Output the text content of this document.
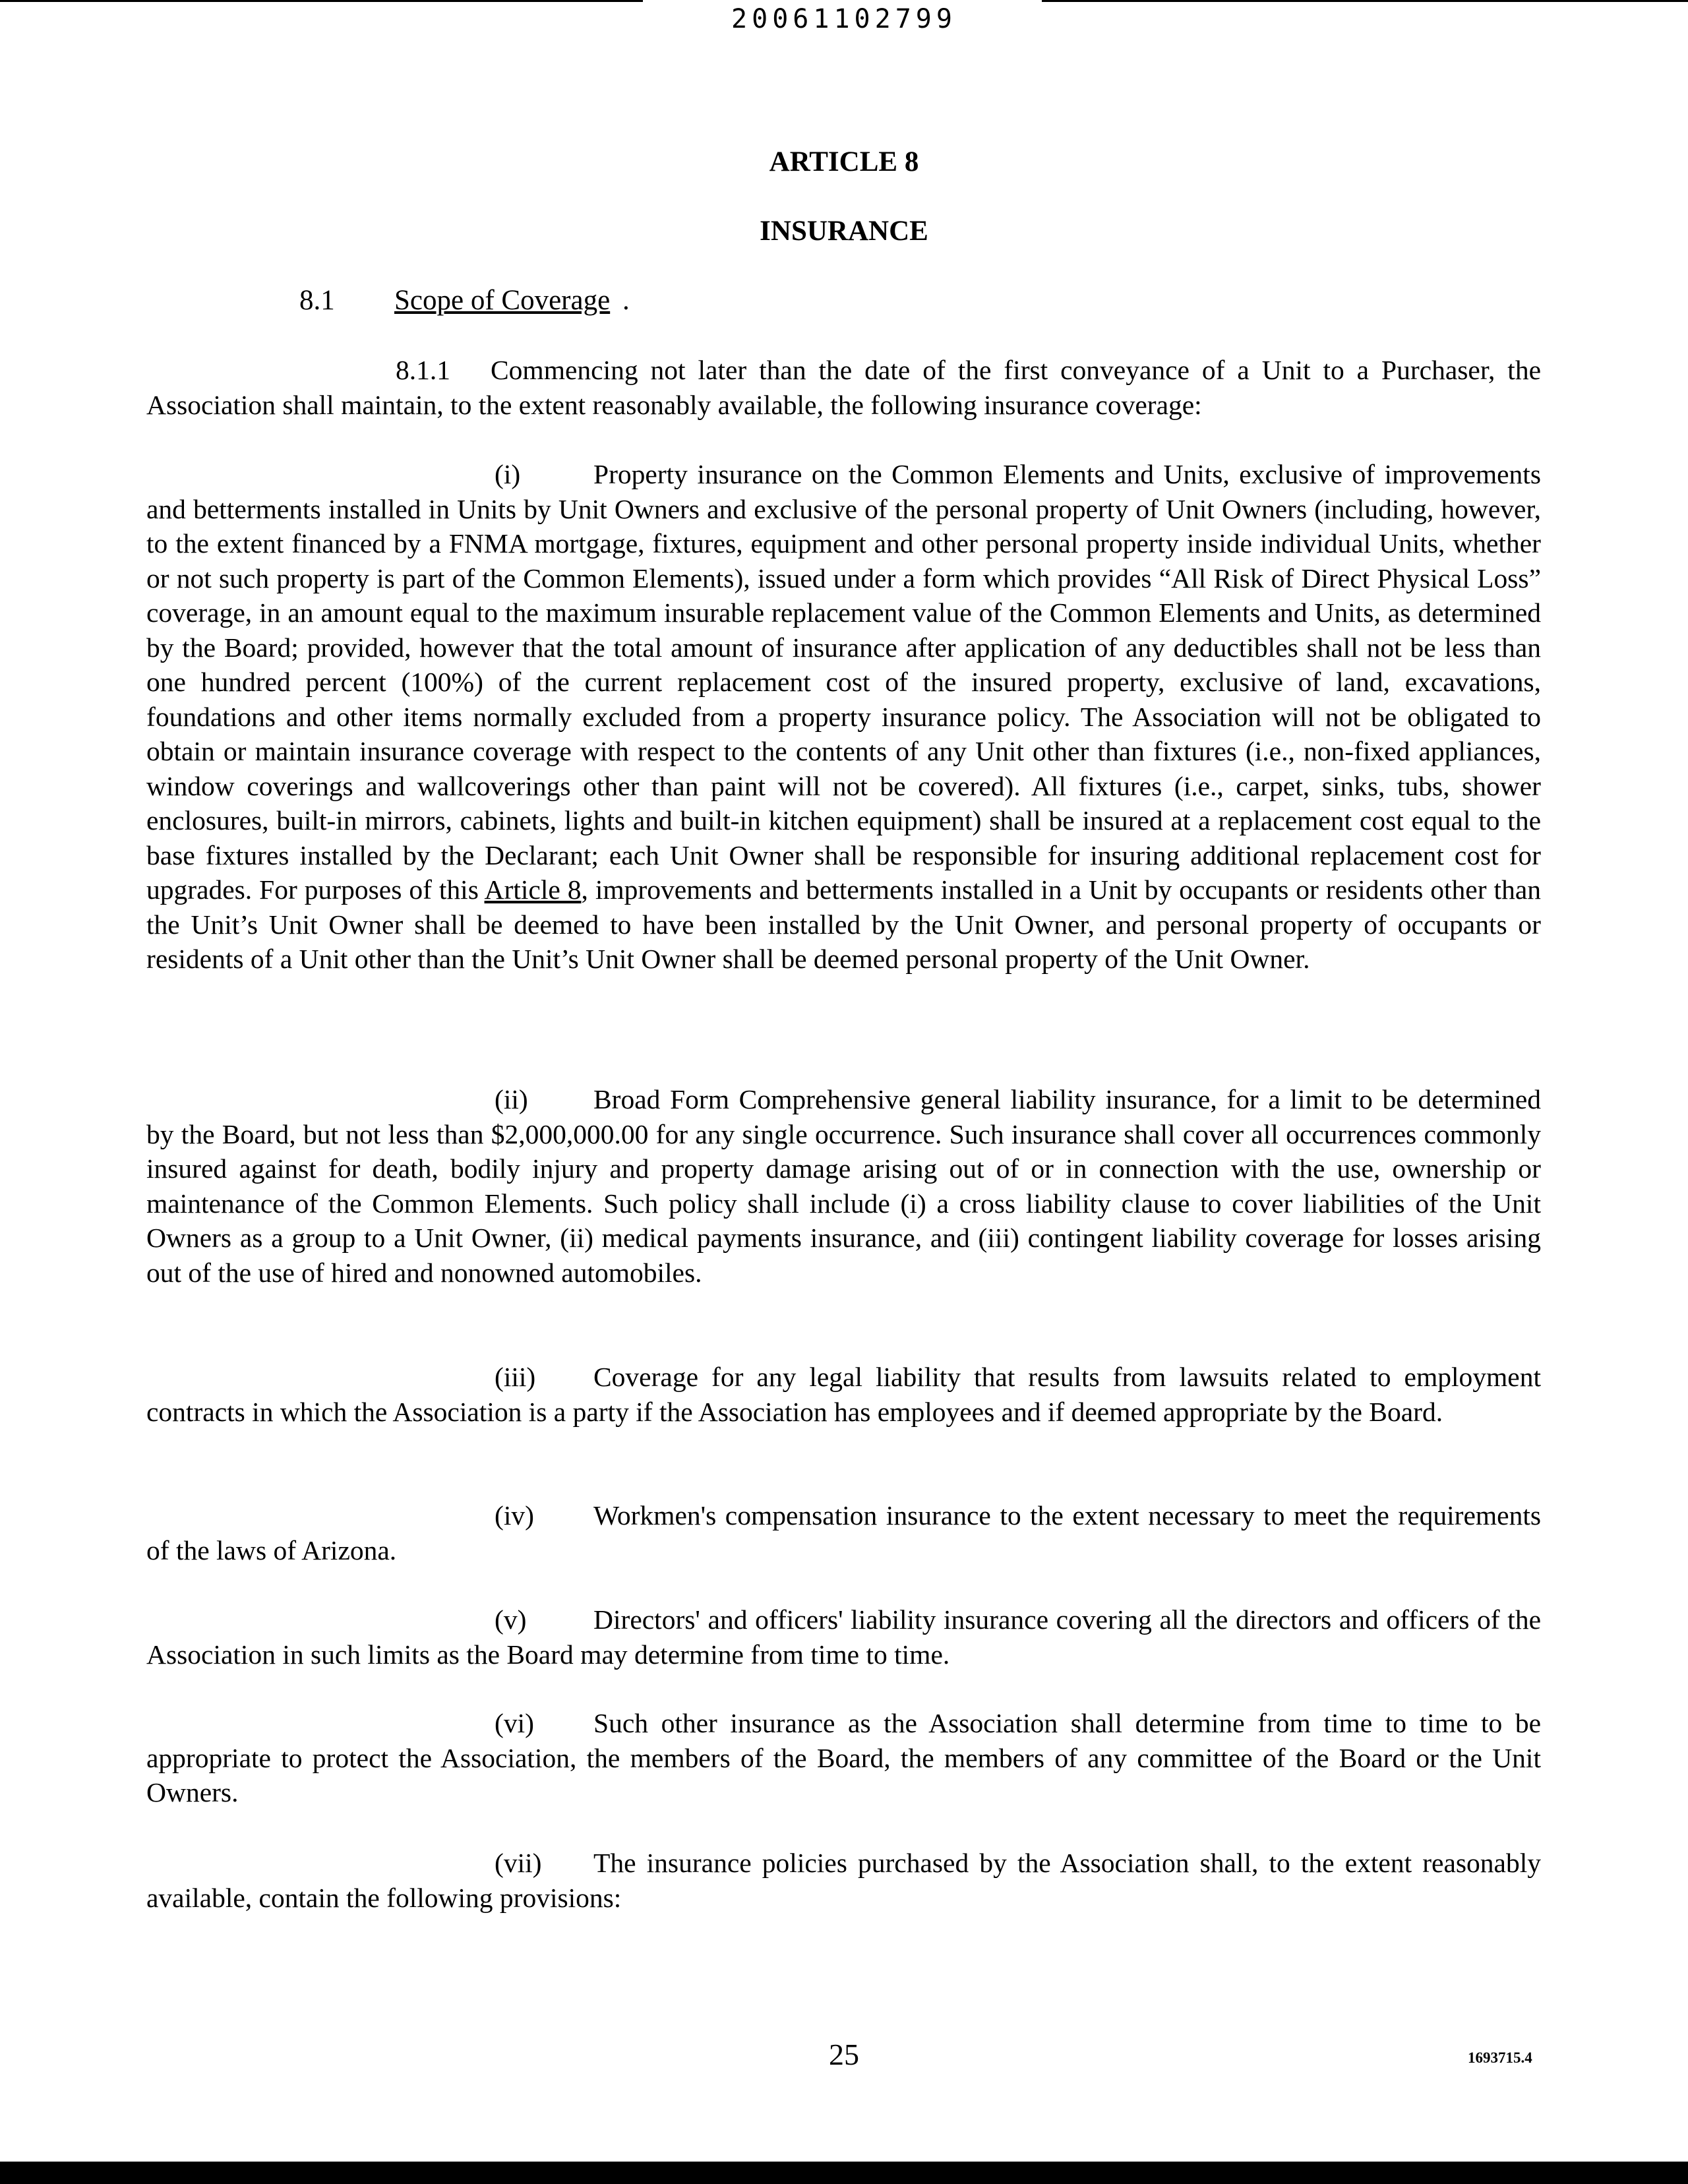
20061102799
ARTICLE 8
INSURANCE
8.1 Scope of Coverage .
8.1.1 Commencing not later than the date of the first conveyance of a Unit to a Purchaser, the Association shall maintain, to the extent reasonably available, the following insurance coverage:
(i)	Property insurance on the Common Elements and Units, exclusive of improvements and betterments installed in Units by Unit Owners and exclusive of the personal property of Unit Owners (including, however, to the extent financed by a FNMA mortgage, fixtures, equipment and other personal property inside individual Units, whether or not such property is part of the Common Elements), issued under a form which provides “All Risk of Direct Physical Loss” coverage, in an amount equal to the maximum insurable replacement value of the Common Elements and Units, as determined by the Board; provided, however that the total amount of insurance after application of any deductibles shall not be less than one hundred percent (100%) of the current replacement cost of the insured property, exclusive of land, excavations, foundations and other items normally excluded from a property insurance policy. The Association will not be obligated to obtain or maintain insurance coverage with respect to the contents of any Unit other than fixtures (i.e., non-fixed appliances, window coverings and wallcoverings other than paint will not be covered). All fixtures (i.e., carpet, sinks, tubs, shower enclosures, built-in mirrors, cabinets, lights and built-in kitchen equipment) shall be insured at a replacement cost equal to the base fixtures installed by the Declarant; each Unit Owner shall be responsible for insuring additional replacement cost for upgrades. For purposes of this Article 8, improvements and betterments installed in a Unit by occupants or residents other than the Unit’s Unit Owner shall be deemed to have been installed by the Unit Owner, and personal property of occupants or residents of a Unit other than the Unit’s Unit Owner shall be deemed personal property of the Unit Owner.
(ii) Broad Form Comprehensive general liability insurance, for a limit to be determined by the Board, but not less than $2,000,000.00 for any single occurrence. Such insurance shall cover all occurrences commonly insured against for death, bodily injury and property damage arising out of or in connection with the use, ownership or maintenance of the Common Elements. Such policy shall include (i) a cross liability clause to cover liabilities of the Unit Owners as a group to a Unit Owner, (ii) medical payments insurance, and (iii) contingent liability coverage for losses arising out of the use of hired and nonowned automobiles.
(iii) Coverage for any legal liability that results from lawsuits related to employment contracts in which the Association is a party if the Association has employees and if deemed appropriate by the Board.
(iv) Workmen's compensation insurance to the extent necessary to meet the requirements of the laws of Arizona.
(v) Directors' and officers' liability insurance covering all the directors and officers of the Association in such limits as the Board may determine from time to time.
(vi) Such other insurance as the Association shall determine from time to time to be appropriate to protect the Association, the members of the Board, the members of any committee of the Board or the Unit Owners.
(vii) The insurance policies purchased by the Association shall, to the extent reasonably available, contain the following provisions:
25	1693715.4
